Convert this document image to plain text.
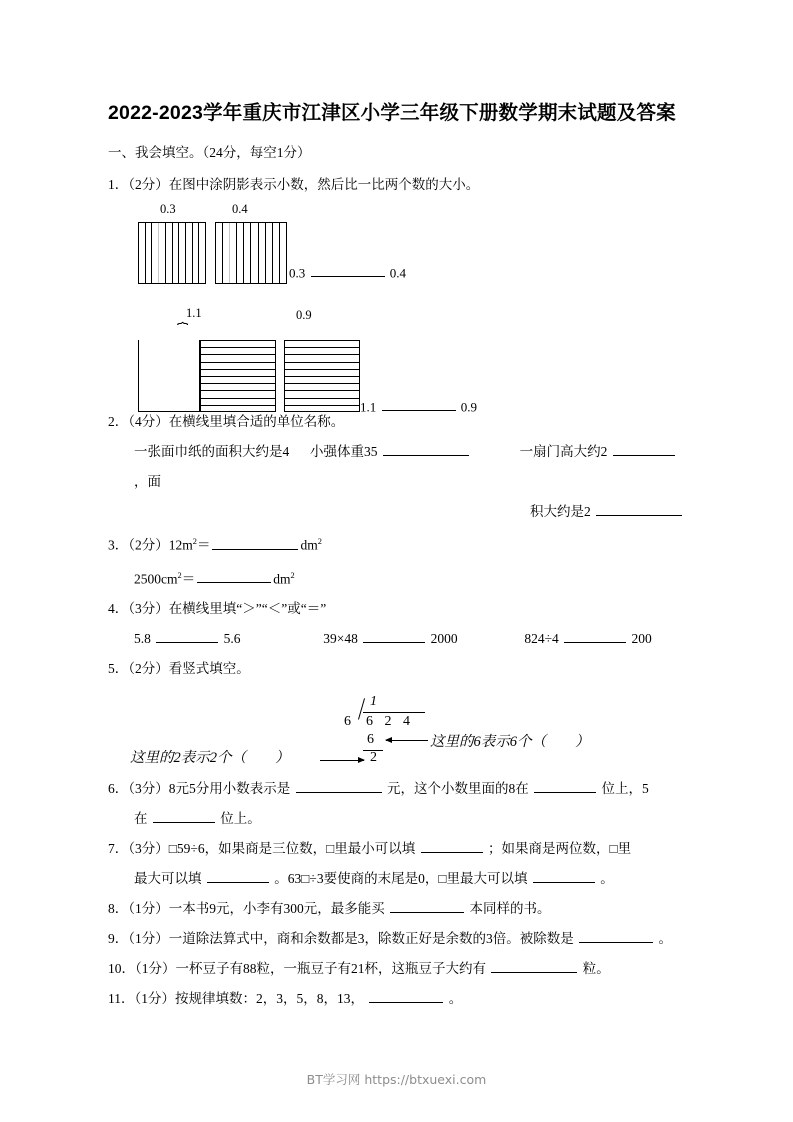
2022-2023学年重庆市江津区小学三年级下册数学期末试题及答案
一、我会填空。（24分，每空1分）
1．（2分）在图中涂阴影表示小数，然后比一比两个数的大小。
0.3	0.4
0.3	0.4
⏞
1.1	0.9
1.1	0.9
2．（4分）在横线里填合适的单位名称。
一张面巾纸的面积大约是4 小强体重35	一扇门高大约2  ，面
积大约是2
3．（2分）$12m^2=$	$dm^2$
$2500cm^2=$	$dm^2$
4．（3分）在横线里填“＞”“＜”或“＝”
5.8	5.6	39×48	2000	824÷4	200
5．（2分）看竖式填空。
1
6 6 2 4
6
2
这里的6表示6个（　　）
这里的2表示2个（　　）
6．（3分）8元5分用小数表示是	元，这个小数里面的8在	位上，5
在	位上。
7．（3分）□59÷6，如果商是三位数，□里最小可以填	；如果商是两位数，□里
最大可以填	。63□÷3要使商的末尾是0，□里最大可以填	。
8．（1分）一本书9元，小李有300元，最多能买	本同样的书。
9．（1分）一道除法算式中，商和余数都是3，除数正好是余数的3倍。被除数是	。
10．（1分）一杯豆子有88粒，一瓶豆子有21杯，这瓶豆子大约有	粒。
11．（1分）按规律填数：2，3，5，8，13，	。
BT学习网 https://btxuexi.com
